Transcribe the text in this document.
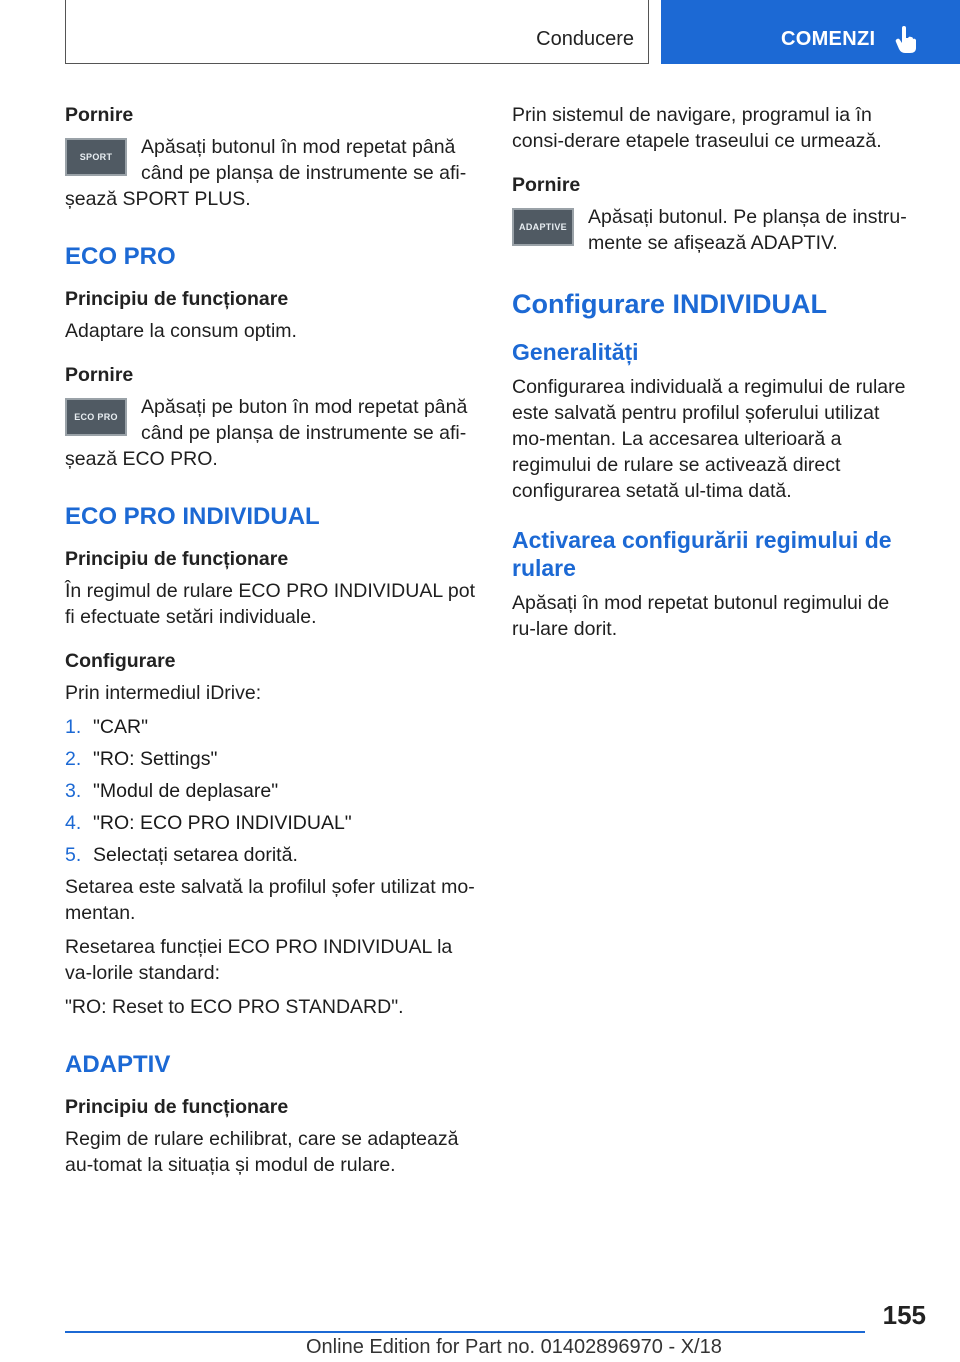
Conducere	COMENZI
Pornire
SPORT	Apăsați butonul în mod repetat până când pe planșa de instrumente se afi‐șează SPORT PLUS.
ECO PRO
Principiu de funcționare
Adaptare la consum optim.
Pornire
ECO PRO	Apăsați pe buton în mod repetat până când pe planșa de instrumente se afi‐șează ECO PRO.
ECO PRO INDIVIDUAL
Principiu de funcționare
În regimul de rulare ECO PRO INDIVIDUAL pot fi efectuate setări individuale.
Configurare
Prin intermediul iDrive:
1. "CAR"
2. "RO: Settings"
3. "Modul de deplasare"
4. "RO: ECO PRO INDIVIDUAL"
5. Selectați setarea dorită.
Setarea este salvată la profilul șofer utilizat mo‐mentan.
Resetarea funcției ECO PRO INDIVIDUAL la va‐lorile standard:
"RO: Reset to ECO PRO STANDARD".
ADAPTIV
Principiu de funcționare
Regim de rulare echilibrat, care se adaptează au‐tomat la situația și modul de rulare.
Prin sistemul de navigare, programul ia în consi‐derare etapele traseului ce urmează.
Pornire
ADAPTIVE	Apăsați butonul. Pe planșa de instru‐mente se afișează ADAPTIV.
Configurare INDIVIDUAL
Generalități
Configurarea individuală a regimului de rulare este salvată pentru profilul șoferului utilizat mo‐mentan. La accesarea ulterioară a regimului de rulare se activează direct configurarea setată ul‐tima dată.
Activarea configurării regimului de rulare
Apăsați în mod repetat butonul regimului de ru‐lare dorit.
155
Online Edition for Part no. 01402896970 - X/18
